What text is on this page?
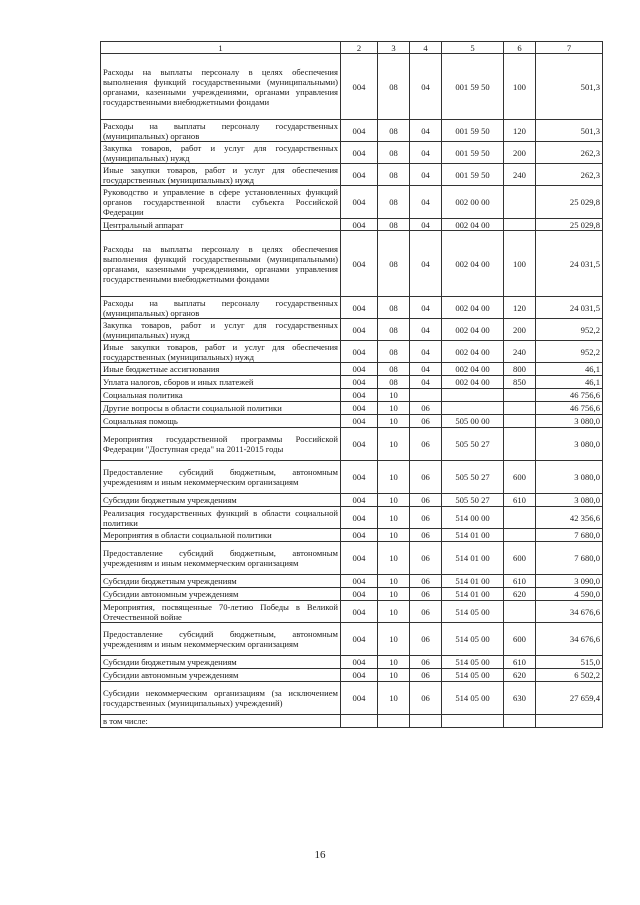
1	2	3	4	5	6	7
Расходы на выплаты персоналу в целях обеспечения выполнения функций государственными (муниципальными) органами, казенными учреждениями, органами управления государственными внебюджетными фондами	004	08	04	001 59 50	100	501,3
Расходы на выплаты персоналу государственных (муниципальных) органов	004	08	04	001 59 50	120	501,3
Закупка товаров, работ и услуг для государственных (муниципальных) нужд	004	08	04	001 59 50	200	262,3
Иные закупки товаров, работ и услуг для обеспечения государственных (муниципальных) нужд	004	08	04	001 59 50	240	262,3
Руководство и управление в сфере установленных функций органов государственной власти субъекта Российской Федерации	004	08	04	002 00 00		25 029,8
Центральный аппарат	004	08	04	002 04 00		25 029,8
Расходы на выплаты персоналу в целях обеспечения выполнения функций государственными (муниципальными) органами, казенными учреждениями, органами управления государственными внебюджетными фондами	004	08	04	002 04 00	100	24 031,5
Расходы на выплаты персоналу государственных (муниципальных) органов	004	08	04	002 04 00	120	24 031,5
Закупка товаров, работ и услуг для государственных (муниципальных) нужд	004	08	04	002 04 00	200	952,2
Иные закупки товаров, работ и услуг для обеспечения государственных (муниципальных) нужд	004	08	04	002 04 00	240	952,2
Иные бюджетные ассигнования	004	08	04	002 04 00	800	46,1
Уплата налогов, сборов и иных платежей	004	08	04	002 04 00	850	46,1
Социальная политика	004	10				46 756,6
Другие вопросы в области социальной политики	004	10	06			46 756,6
Социальная помощь	004	10	06	505 00 00		3 080,0
Мероприятия государственной программы Российской Федерации "Доступная среда" на 2011-2015 годы	004	10	06	505 50 27		3 080,0
Предоставление субсидий бюджетным, автономным учреждениям и иным некоммерческим организациям	004	10	06	505 50 27	600	3 080,0
Субсидии бюджетным учреждениям	004	10	06	505 50 27	610	3 080,0
Реализация государственных функций в области социальной политики	004	10	06	514 00 00		42 356,6
Мероприятия в области социальной политики	004	10	06	514 01 00		7 680,0
Предоставление субсидий бюджетным, автономным учреждениям и иным некоммерческим организациям	004	10	06	514 01 00	600	7 680,0
Субсидии бюджетным учреждениям	004	10	06	514 01 00	610	3 090,0
Субсидии автономным учреждениям	004	10	06	514 01 00	620	4 590,0
Мероприятия, посвященные 70-летию Победы в Великой Отечественной войне	004	10	06	514 05 00		34 676,6
Предоставление субсидий бюджетным, автономным учреждениям и иным некоммерческим организациям	004	10	06	514 05 00	600	34 676,6
Субсидии бюджетным учреждениям	004	10	06	514 05 00	610	515,0
Субсидии автономным учреждениям	004	10	06	514 05 00	620	6 502,2
Субсидии некоммерческим организациям (за исключением государственных (муниципальных) учреждений)	004	10	06	514 05 00	630	27 659,4
в том числе:						
16
